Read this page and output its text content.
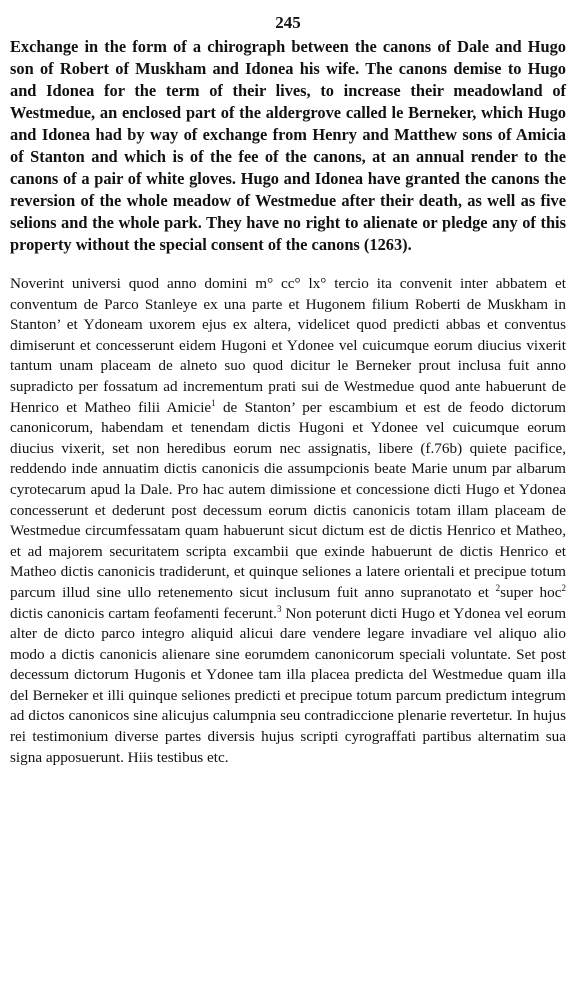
245

Exchange in the form of a chirograph between the canons of Dale and Hugo son of Robert of Muskham and Idonea his wife. The canons demise to Hugo and Idonea for the term of their lives, to increase their meadowland of Westmedue, an enclosed part of the aldergrove called le Berneker, which Hugo and Idonea had by way of exchange from Henry and Matthew sons of Amicia of Stanton and which is of the fee of the canons, at an annual render to the canons of a pair of white gloves. Hugo and Idonea have granted the canons the reversion of the whole meadow of Westmedue after their death, as well as five selions and the whole park. They have no right to alienate or pledge any of this property without the special consent of the canons (1263).

Noverint universi quod anno domini m° cc° lx° tercio ita convenit inter abbatem et conventum de Parco Stanleye ex una parte et Hugonem filium Roberti de Muskham in Stanton’ et Ydoneam uxorem ejus ex altera, videlicet quod predicti abbas et conventus dimiserunt et concesserunt eidem Hugoni et Ydonee vel cuicumque eorum diucius vixerit tantum unam placeam de alneto suo quod dicitur le Berneker prout inclusa fuit anno supradicto per fossatum ad incrementum prati sui de Westmedue quod ante habuerunt de Henrico et Matheo filii Amicie$^1$ de Stanton’ per escambium et est de feodo dictorum canonicorum, habendam et tenendam dictis Hugoni et Ydonee vel cuicumque eorum diucius vixerit, set non heredibus eorum nec assignatis, libere (f.76b) quiete pacifice, reddendo inde annuatim dictis canonicis die assumpcionis beate Marie unum par albarum cyrotecarum apud la Dale. Pro hac autem dimissione et concessione dicti Hugo et Ydonea concesserunt et dederunt post decessum eorum dictis canonicis totam illam placeam de Westmedue circumfessatam quam habuerunt sicut dictum est de dictis Henrico et Matheo, et ad majorem securitatem scripta excambii que exinde habuerunt de dictis Henrico et Matheo dictis canonicis tradiderunt, et quinque seliones a latere orientali et precipue totum parcum illud sine ullo retenemento sicut inclusum fuit anno supranotato et $^2$super hoc$^2$ dictis canonicis cartam feofamenti fecerunt.$^3$ Non poterunt dicti Hugo et Ydonea vel eorum alter de dicto parco integro aliquid alicui dare vendere legare invadiare vel aliquo alio modo a dictis canonicis alienare sine eorumdem canonicorum speciali voluntate. Set post decessum dictorum Hugonis et Ydonee tam illa placea predicta del Westmedue quam illa del Berneker et illi quinque seliones predicti et precipue totum parcum predictum integrum ad dictos canonicos sine alicujus calumpnia seu contradiccione plenarie revertetur. In hujus rei testimonium diverse partes diversis hujus scripti cyrograffati partibus alternatim sua signa apposuerunt. Hiis testibus etc.
